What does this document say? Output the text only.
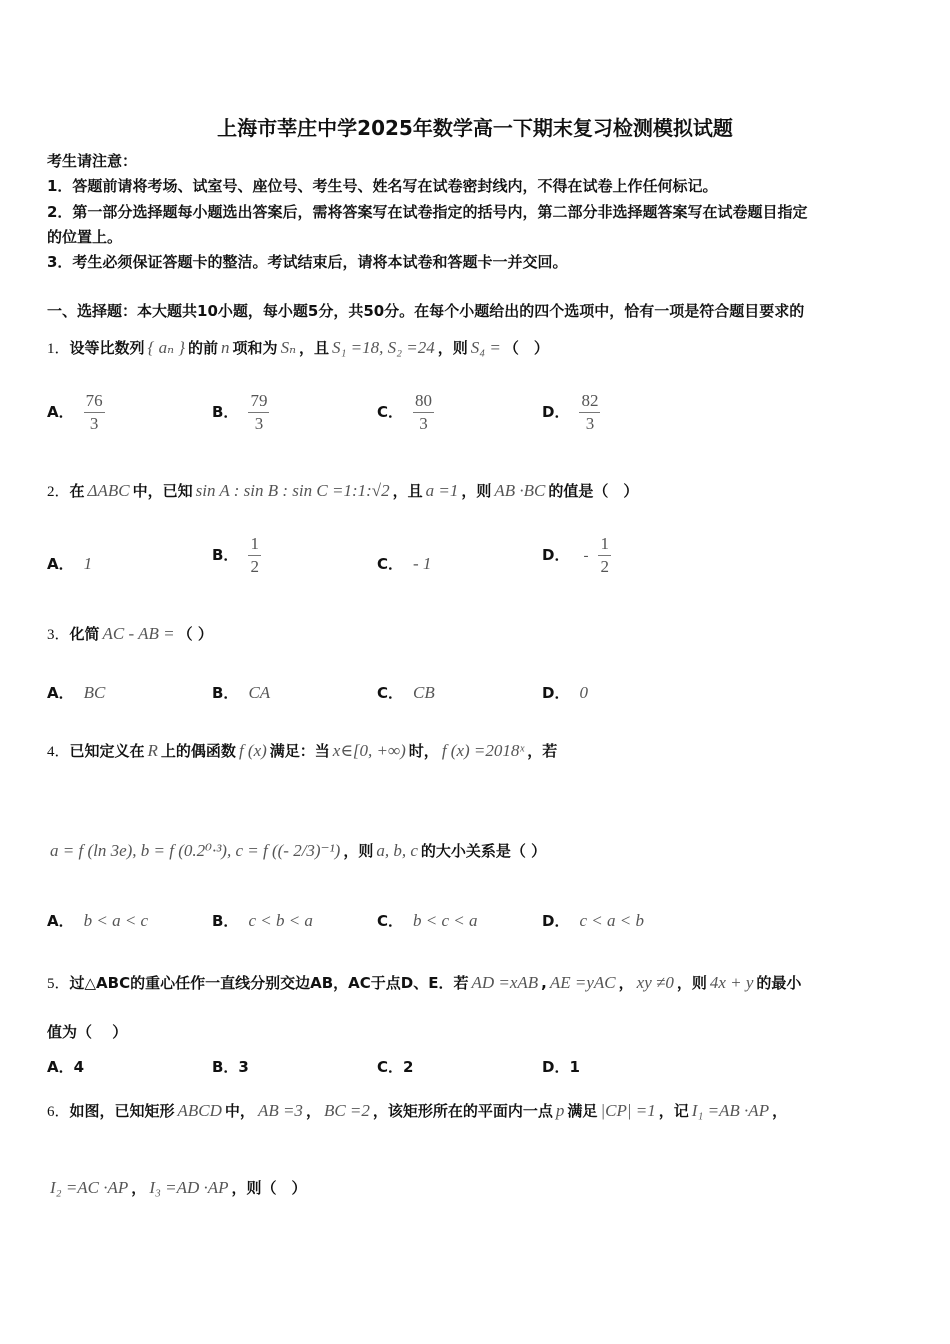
上海市莘庄中学2025年数学高一下期末复习检测模拟试题
考生请注意：
1．答题前请将考场、试室号、座位号、考生号、姓名写在试卷密封线内，不得在试卷上作任何标记。
2．第一部分选择题每小题选出答案后，需将答案写在试卷指定的括号内，第二部分非选择题答案写在试卷题目指定
的位置上。
3．考生必须保证答题卡的整洁。考试结束后，请将本试卷和答题卡一并交回。
一、选择题：本大题共10小题，每小题5分，共50分。在每个小题给出的四个选项中，恰有一项是符合题目要求的
1．设等比数列 { aₙ } 的前 n 项和为 Sₙ ，且 S₁ =18, S₂ =24 ，则 S₄ = （　）
A． $\frac{76}{3}$	B． $\frac{79}{3}$	C． $\frac{80}{3}$	D． $\frac{82}{3}$
2．在 ΔABC 中，已知 sin A : sin B : sin C =1:1:√2 ，且 a =1 ，则 AB ·BC 的值是（　）
A． 1	B． $\frac{1}{2}$	C． - 1	D． - $\frac{1}{2}$
3．化简 AC - AB = （ ）
A． BC	B． CA	C． CB	D． 0
4．已知定义在 R 上的偶函数 f (x) 满足：当 x∈[0, +∞) 时， f (x) =2018ˣ ，若
a = f (ln 3e), b = f (0.2⁰·³), c = f ((- 2/3)⁻¹) ，则 a, b, c 的大小关系是（ ）
A． b < a < c	B． c < b < a	C． b < c < a	D． c < a < b
5．过△ABC的重心任作一直线分别交边AB，AC于点D、E．若 AD =xAB , AE =yAC ， xy ≠0 ，则 4x + y 的最小
值为（　 ）
A．4	B．3	C．2	D．1
6．如图，已知矩形 ABCD 中， AB =3 ， BC =2 ，该矩形所在的平面内一点 p 满足 |CP| =1 ，记 I₁ =AB ·AP ，
I₂ =AC ·AP ， I₃ =AD ·AP ，则（　）
